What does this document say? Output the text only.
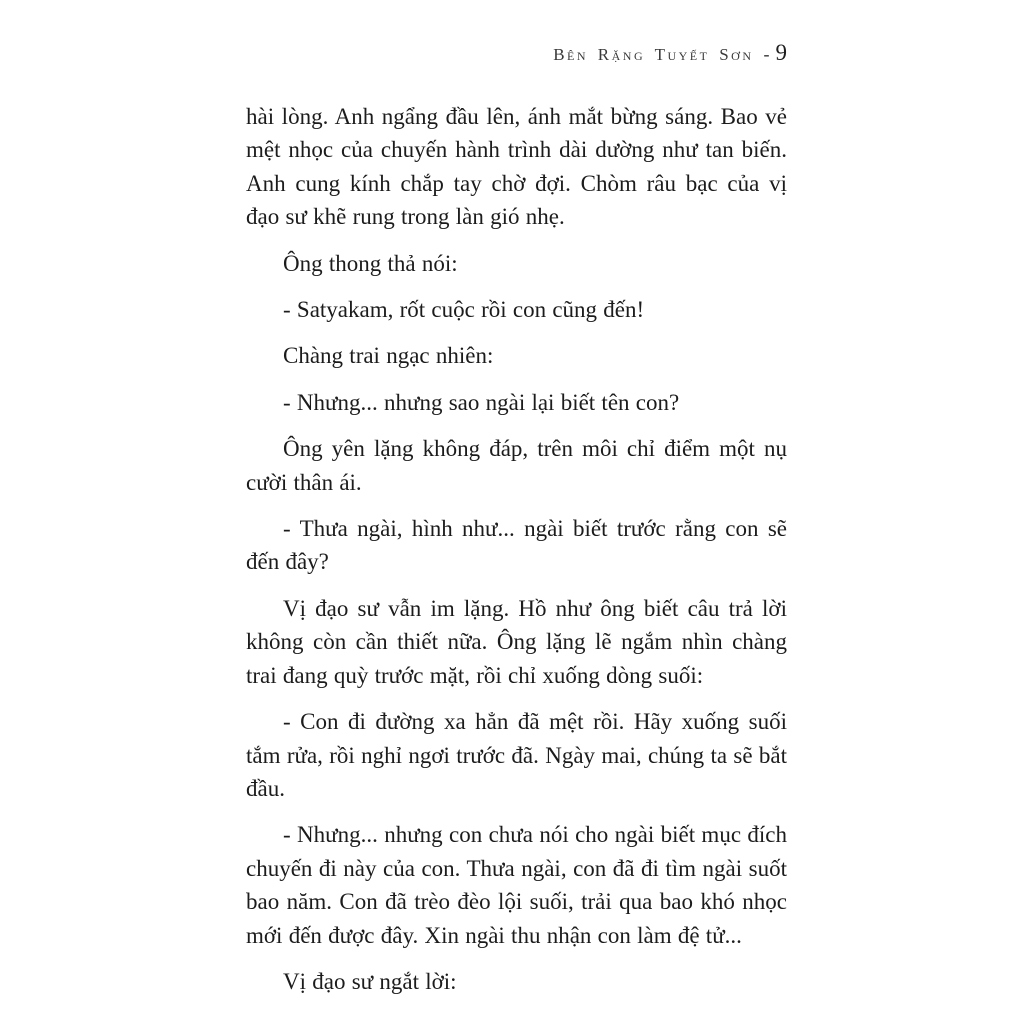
Bên Rặng Tuyết Sơn - 9

hài lòng. Anh ngẩng đầu lên, ánh mắt bừng sáng. Bao vẻ mệt nhọc của chuyến hành trình dài dường như tan biến. Anh cung kính chắp tay chờ đợi. Chòm râu bạc của vị đạo sư khẽ rung trong làn gió nhẹ.

Ông thong thả nói:

- Satyakam, rốt cuộc rồi con cũng đến!

Chàng trai ngạc nhiên:

- Nhưng... nhưng sao ngài lại biết tên con?

Ông yên lặng không đáp, trên môi chỉ điểm một nụ cười thân ái.

- Thưa ngài, hình như... ngài biết trước rằng con sẽ đến đây?

Vị đạo sư vẫn im lặng. Hồ như ông biết câu trả lời không còn cần thiết nữa. Ông lặng lẽ ngắm nhìn chàng trai đang quỳ trước mặt, rồi chỉ xuống dòng suối:

- Con đi đường xa hẳn đã mệt rồi. Hãy xuống suối tắm rửa, rồi nghỉ ngơi trước đã. Ngày mai, chúng ta sẽ bắt đầu.

- Nhưng... nhưng con chưa nói cho ngài biết mục đích chuyến đi này của con. Thưa ngài, con đã đi tìm ngài suốt bao năm. Con đã trèo đèo lội suối, trải qua bao khó nhọc mới đến được đây. Xin ngài thu nhận con làm đệ tử...

Vị đạo sư ngắt lời:
